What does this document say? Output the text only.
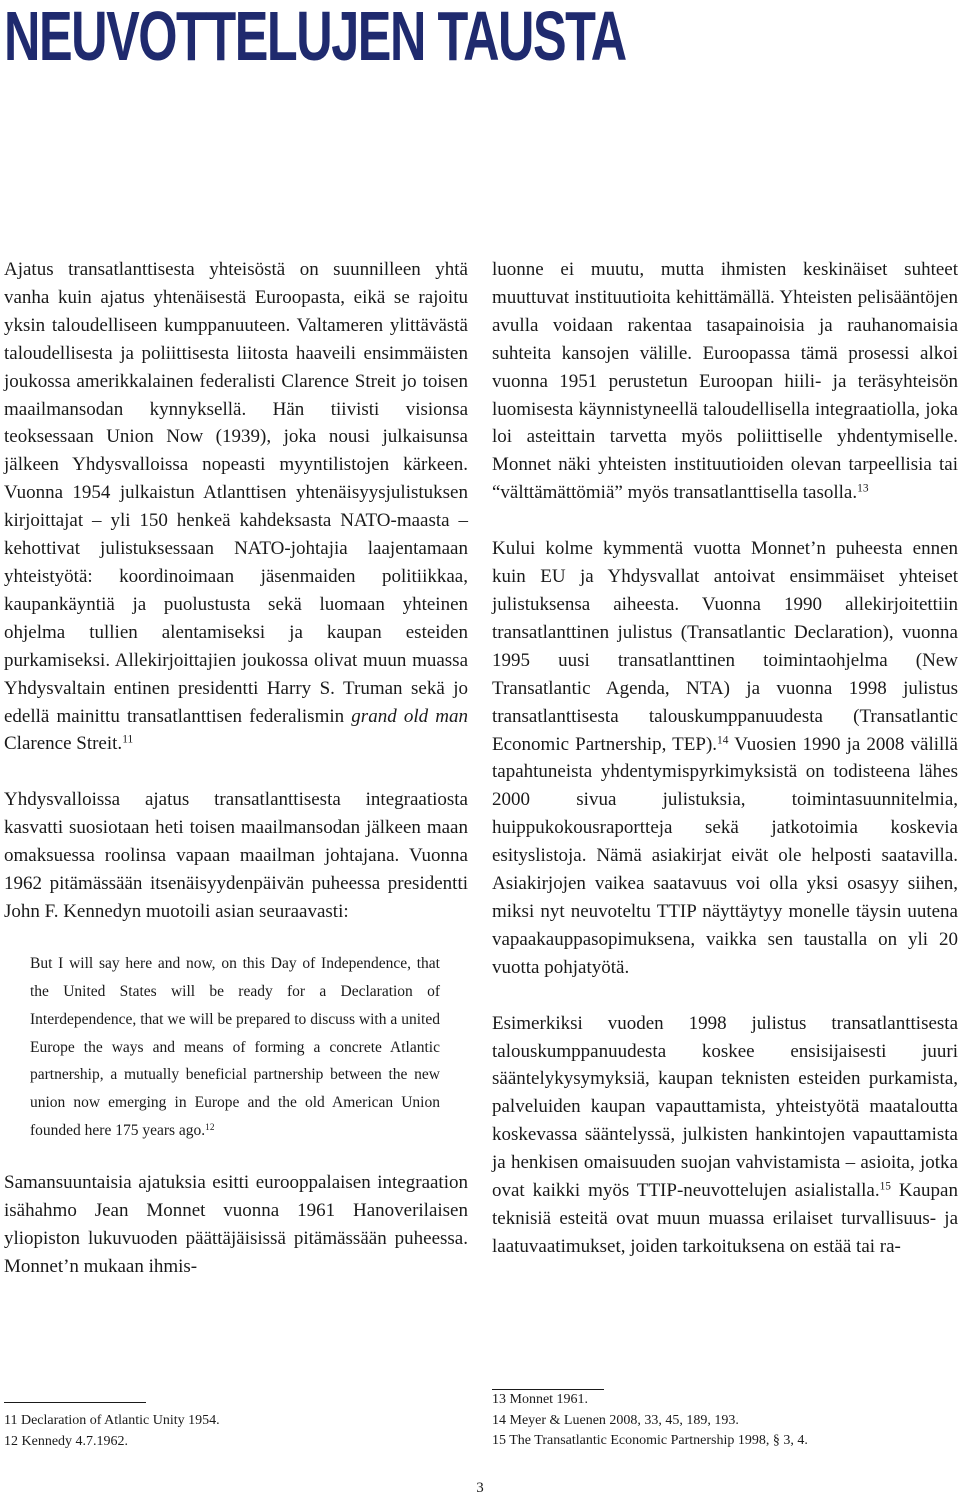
NEUVOTTELUJEN TAUSTA

Ajatus transatlanttisesta yhteisöstä on suunnilleen yhtä vanha kuin ajatus yhtenäisestä Euroopasta, eikä se rajoitu yksin taloudelliseen kumppanuuteen. Valtameren ylittävästä taloudellisesta ja poliittisesta liitosta haaveili ensimmäisten joukossa amerikkalainen federalisti Clarence Streit jo toisen maailmansodan kynnyksellä. Hän tiivisti visionsa teoksessaan Union Now (1939), joka nousi julkaisunsa jälkeen Yhdysvalloissa nopeasti myyntilistojen kärkeen. Vuonna 1954 julkaistun Atlanttisen yhtenäisyysjulistuksen kirjoittajat – yli 150 henkeä kahdeksasta NATO-maasta – kehottivat julistuksessaan NATO-johtajia laajentamaan yhteistyötä: koordinoimaan jäsenmaiden politiikkaa, kaupankäyntiä ja puolustusta sekä luomaan yhteinen ohjelma tullien alentamiseksi ja kaupan esteiden purkamiseksi. Allekirjoittajien joukossa olivat muun muassa Yhdysvaltain entinen presidentti Harry S. Truman sekä jo edellä mainittu transatlanttisen federalismin grand old man Clarence Streit.$^{11}$

Yhdysvalloissa ajatus transatlanttisesta integraatiosta kasvatti suosiotaan heti toisen maailmansodan jälkeen maan omaksuessa roolinsa vapaan maailman johtajana. Vuonna 1962 pitämässään itsenäisyydenpäivän puheessa presidentti John F. Kennedyn muotoili asian seuraavasti:

But I will say here and now, on this Day of Independence, that the United States will be ready for a Declaration of Interdependence, that we will be prepared to discuss with a united Europe the ways and means of forming a concrete Atlantic partnership, a mutually beneficial partnership between the new union now emerging in Europe and the old American Union founded here 175 years ago.$^{12}$

Samansuuntaisia ajatuksia esitti eurooppalaisen integraation isähahmo Jean Monnet vuonna 1961 Hanoverilaisen yliopiston lukuvuoden päättäjäisissä pitämässään puheessa. Monnet’n mukaan ihmis-

luonne ei muutu, mutta ihmisten keskinäiset suhteet muuttuvat instituutioita kehittämällä. Yhteisten pelisääntöjen avulla voidaan rakentaa tasapainoisia ja rauhanomaisia suhteita kansojen välille. Euroopassa tämä prosessi alkoi vuonna 1951 perustetun Euroopan hiili- ja teräsyhteisön luomisesta käynnistyneellä taloudellisella integraatiolla, joka loi asteittain tarvetta myös poliittiselle yhdentymiselle. Monnet näki yhteisten instituutioiden olevan tarpeellisia tai “välttämättömiä” myös transatlanttisella tasolla.$^{13}$

Kului kolme kymmentä vuotta Monnet’n puheesta ennen kuin EU ja Yhdysvallat antoivat ensimmäiset yhteiset julistuksensa aiheesta. Vuonna 1990 allekirjoitettiin transatlanttinen julistus (Transatlantic Declaration), vuonna 1995 uusi transatlanttinen toimintaohjelma (New Transatlantic Agenda, NTA) ja vuonna 1998 julistus transatlanttisesta talouskumppanuudesta (Transatlantic Economic Partnership, TEP).$^{14}$ Vuosien 1990 ja 2008 välillä tapahtuneista yhdentymispyrkimyksistä on todisteena lähes 2000 sivua julistuksia, toimintasuunnitelmia, huippukokousraportteja sekä jatkotoimia koskevia esityslistoja. Nämä asiakirjat eivät ole helposti saatavilla. Asiakirjojen vaikea saatavuus voi olla yksi osasyy siihen, miksi nyt neuvoteltu TTIP näyttäytyy monelle täysin uutena vapaakauppasopimuksena, vaikka sen taustalla on yli 20 vuotta pohjatyötä.

Esimerkiksi vuoden 1998 julistus transatlanttisesta talouskumppanuudesta koskee ensisijaisesti juuri sääntelykysymyksiä, kaupan teknisten esteiden purkamista, palveluiden kaupan vapauttamista, yhteistyötä maataloutta koskevassa sääntelyssä, julkisten hankintojen vapauttamista ja henkisen omaisuuden suojan vahvistamista – asioita, jotka ovat kaikki myös TTIP-neuvottelujen asialistalla.$^{15}$ Kaupan teknisiä esteitä ovat muun muassa erilaiset turvallisuus- ja laatuvaatimukset, joiden tarkoituksena on estää tai ra-

11 Declaration of Atlantic Unity 1954.
12 Kennedy 4.7.1962.
13 Monnet 1961.
14 Meyer & Luenen 2008, 33, 45, 189, 193.
15 The Transatlantic Economic Partnership 1998, § 3, 4.
3
